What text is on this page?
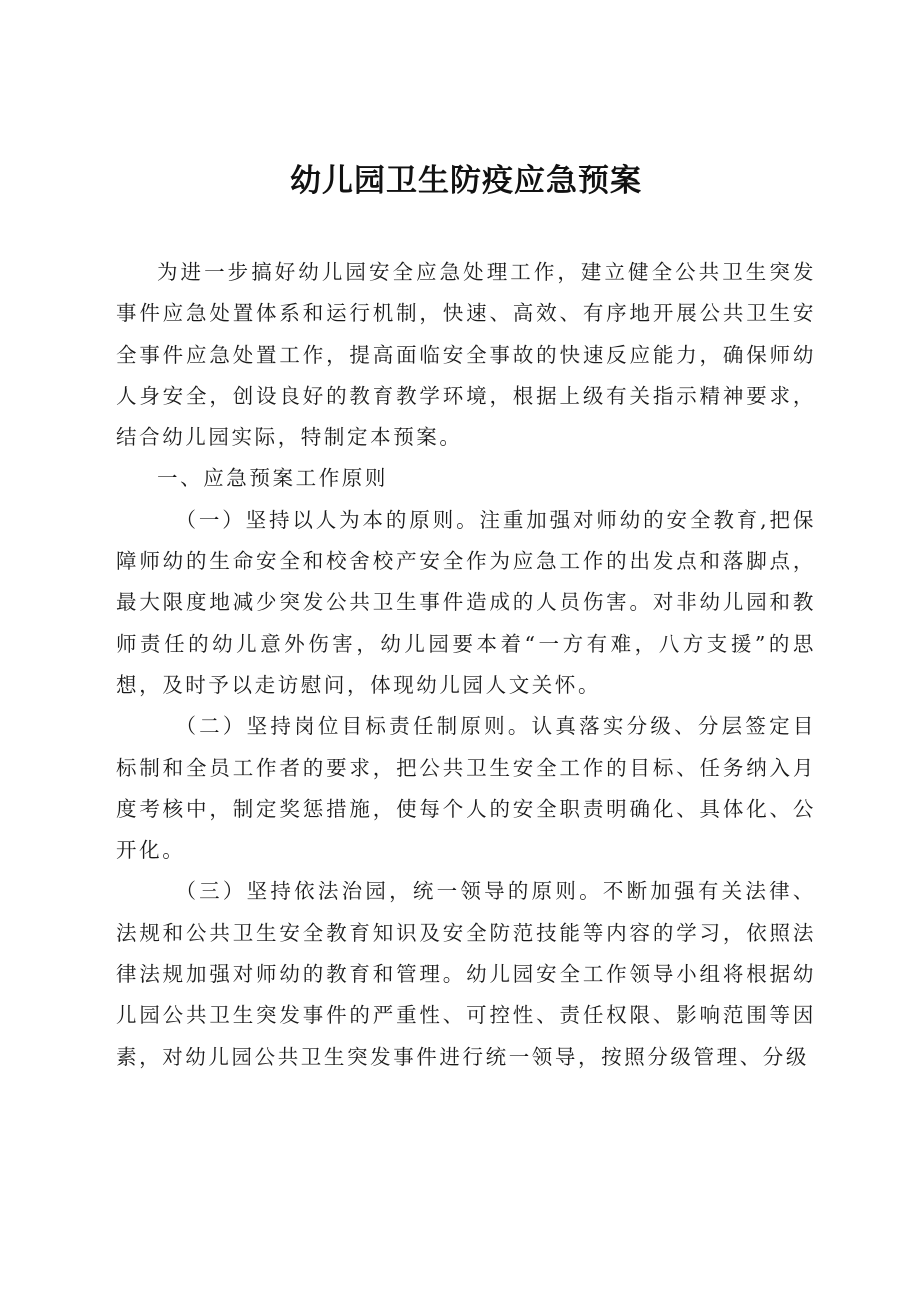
幼儿园卫生防疫应急预案

为进一步搞好幼儿园安全应急处理工作，建立健全公共卫生突发事件应急处置体系和运行机制，快速、高效、有序地开展公共卫生安全事件应急处置工作，提高面临安全事故的快速反应能力，确保师幼人身安全，创设良好的教育教学环境，根据上级有关指示精神要求，结合幼儿园实际，特制定本预案。

一、应急预案工作原则

（一）坚持以人为本的原则。注重加强对师幼的安全教育,把保障师幼的生命安全和校舍校产安全作为应急工作的出发点和落脚点，最大限度地减少突发公共卫生事件造成的人员伤害。对非幼儿园和教师责任的幼儿意外伤害，幼儿园要本着“一方有难，八方支援”的思想，及时予以走访慰问，体现幼儿园人文关怀。

（二）坚持岗位目标责任制原则。认真落实分级、分层签定目标制和全员工作者的要求，把公共卫生安全工作的目标、任务纳入月度考核中，制定奖惩措施，使每个人的安全职责明确化、具体化、公开化。

（三）坚持依法治园，统一领导的原则。不断加强有关法律、法规和公共卫生安全教育知识及安全防范技能等内容的学习，依照法律法规加强对师幼的教育和管理。幼儿园安全工作领导小组将根据幼儿园公共卫生突发事件的严重性、可控性、责任权限、影响范围等因素，对幼儿园公共卫生突发事件进行统一领导，按照分级管理、分级
